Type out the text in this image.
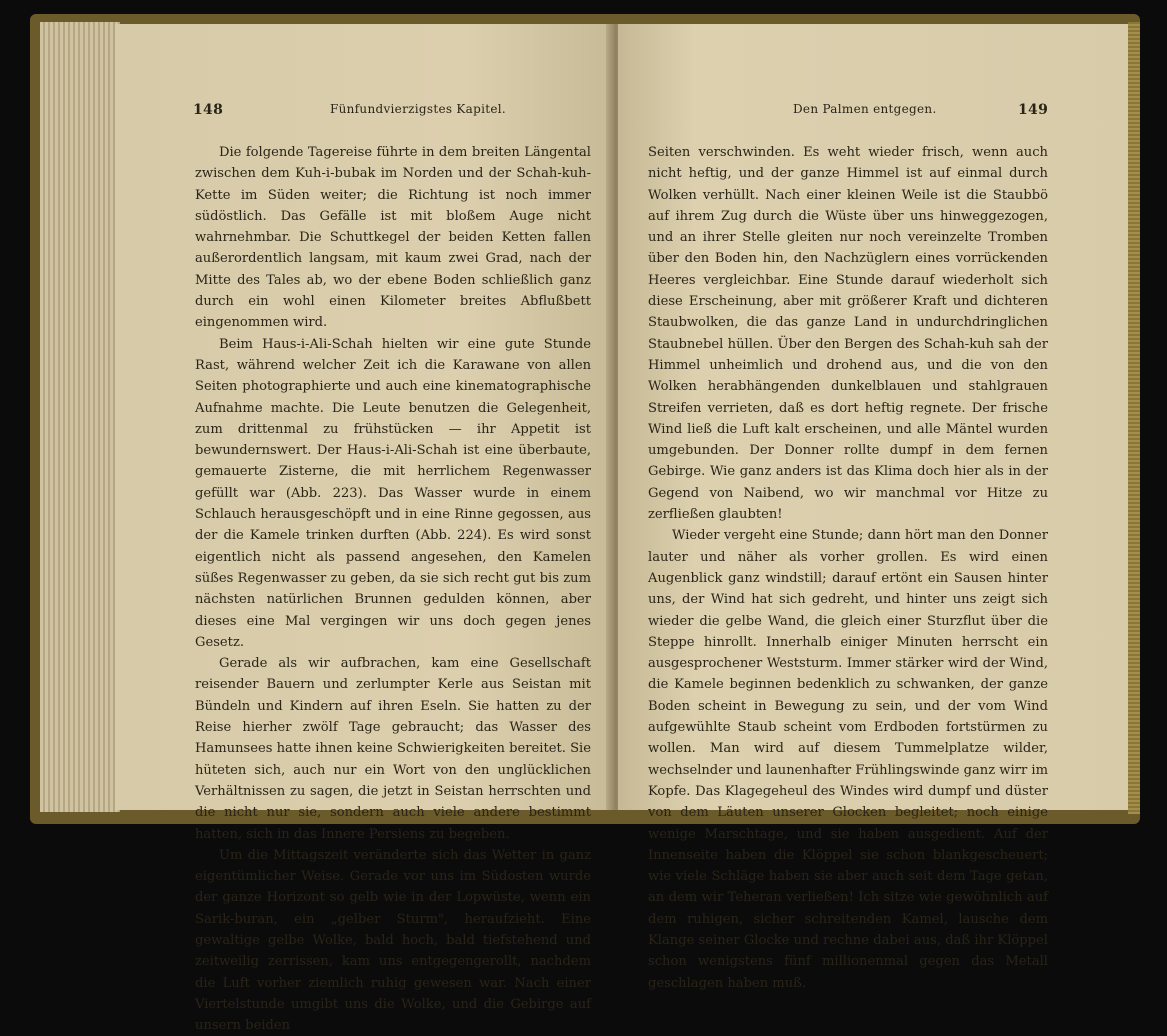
148	Fünfundvierzigstes Kapitel.

Die folgende Tagereise führte in dem breiten Längental zwischen dem Kuh-i-bubak im Norden und der Schah-kuh-Kette im Süden weiter; die Richtung ist noch immer südöstlich. Das Gefälle ist mit bloßem Auge nicht wahrnehmbar. Die Schuttkegel der beiden Ketten fallen außerordentlich langsam, mit kaum zwei Grad, nach der Mitte des Tales ab, wo der ebene Boden schließlich ganz durch ein wohl einen Kilometer breites Abflußbett eingenommen wird.

Beim Haus-i-Ali-Schah hielten wir eine gute Stunde Rast, während welcher Zeit ich die Karawane von allen Seiten photographierte und auch eine kinematographische Aufnahme machte. Die Leute benutzen die Gelegenheit, zum drittenmal zu frühstücken — ihr Appetit ist bewundernswert. Der Haus-i-Ali-Schah ist eine überbaute, gemauerte Zisterne, die mit herrlichem Regenwasser gefüllt war (Abb. 223). Das Wasser wurde in einem Schlauch herausgeschöpft und in eine Rinne gegossen, aus der die Kamele trinken durften (Abb. 224). Es wird sonst eigentlich nicht als passend angesehen, den Kamelen süßes Regenwasser zu geben, da sie sich recht gut bis zum nächsten natürlichen Brunnen gedulden können, aber dieses eine Mal vergingen wir uns doch gegen jenes Gesetz.

Gerade als wir aufbrachen, kam eine Gesellschaft reisender Bauern und zerlumpter Kerle aus Seistan mit Bündeln und Kindern auf ihren Eseln. Sie hatten zu der Reise hierher zwölf Tage gebraucht; das Wasser des Hamunsees hatte ihnen keine Schwierigkeiten bereitet. Sie hüteten sich, auch nur ein Wort von den unglücklichen Verhältnissen zu sagen, die jetzt in Seistan herrschten und die nicht nur sie, sondern auch viele andere bestimmt hatten, sich in das Innere Persiens zu begeben.

Um die Mittagszeit veränderte sich das Wetter in ganz eigentümlicher Weise. Gerade vor uns im Südosten wurde der ganze Horizont so gelb wie in der Lopwüste, wenn ein Sarik-buran, ein „gelber Sturm", heraufzieht. Eine gewaltige gelbe Wolke, bald hoch, bald tiefstehend und zeitweilig zerrissen, kam uns entgegengerollt, nachdem die Luft vorher ziemlich ruhig gewesen war. Nach einer Viertelstunde umgibt uns die Wolke, und die Gebirge auf unsern beiden

Den Palmen entgegen.	149

Seiten verschwinden. Es weht wieder frisch, wenn auch nicht heftig, und der ganze Himmel ist auf einmal durch Wolken verhüllt. Nach einer kleinen Weile ist die Staubbö auf ihrem Zug durch die Wüste über uns hinweggezogen, und an ihrer Stelle gleiten nur noch vereinzelte Tromben über den Boden hin, den Nachzüglern eines vorrückenden Heeres vergleichbar. Eine Stunde darauf wiederholt sich diese Erscheinung, aber mit größerer Kraft und dichteren Staubwolken, die das ganze Land in undurchdringlichen Staubnebel hüllen. Über den Bergen des Schah-kuh sah der Himmel unheimlich und drohend aus, und die von den Wolken herabhängenden dunkelblauen und stahlgrauen Streifen verrieten, daß es dort heftig regnete. Der frische Wind ließ die Luft kalt erscheinen, und alle Mäntel wurden umgebunden. Der Donner rollte dumpf in dem fernen Gebirge. Wie ganz anders ist das Klima doch hier als in der Gegend von Naibend, wo wir manchmal vor Hitze zu zerfließen glaubten!

Wieder vergeht eine Stunde; dann hört man den Donner lauter und näher als vorher grollen. Es wird einen Augenblick ganz windstill; darauf ertönt ein Sausen hinter uns, der Wind hat sich gedreht, und hinter uns zeigt sich wieder die gelbe Wand, die gleich einer Sturzflut über die Steppe hinrollt. Innerhalb einiger Minuten herrscht ein ausgesprochener Weststurm. Immer stärker wird der Wind, die Kamele beginnen bedenklich zu schwanken, der ganze Boden scheint in Bewegung zu sein, und der vom Wind aufgewühlte Staub scheint vom Erdboden fortstürmen zu wollen. Man wird auf diesem Tummelplatze wilder, wechselnder und launenhafter Frühlingswinde ganz wirr im Kopfe. Das Klagegeheul des Windes wird dumpf und düster von dem Läuten unserer Glocken begleitet; noch einige wenige Marschtage, und sie haben ausgedient. Auf der Innenseite haben die Klöppel sie schon blankgescheuert; wie viele Schläge haben sie aber auch seit dem Tage getan, an dem wir Teheran verließen! Ich sitze wie gewöhnlich auf dem ruhigen, sicher schreitenden Kamel, lausche dem Klange seiner Glocke und rechne dabei aus, daß ihr Klöppel schon wenigstens fünf millionenmal gegen das Metall geschlagen haben muß.
